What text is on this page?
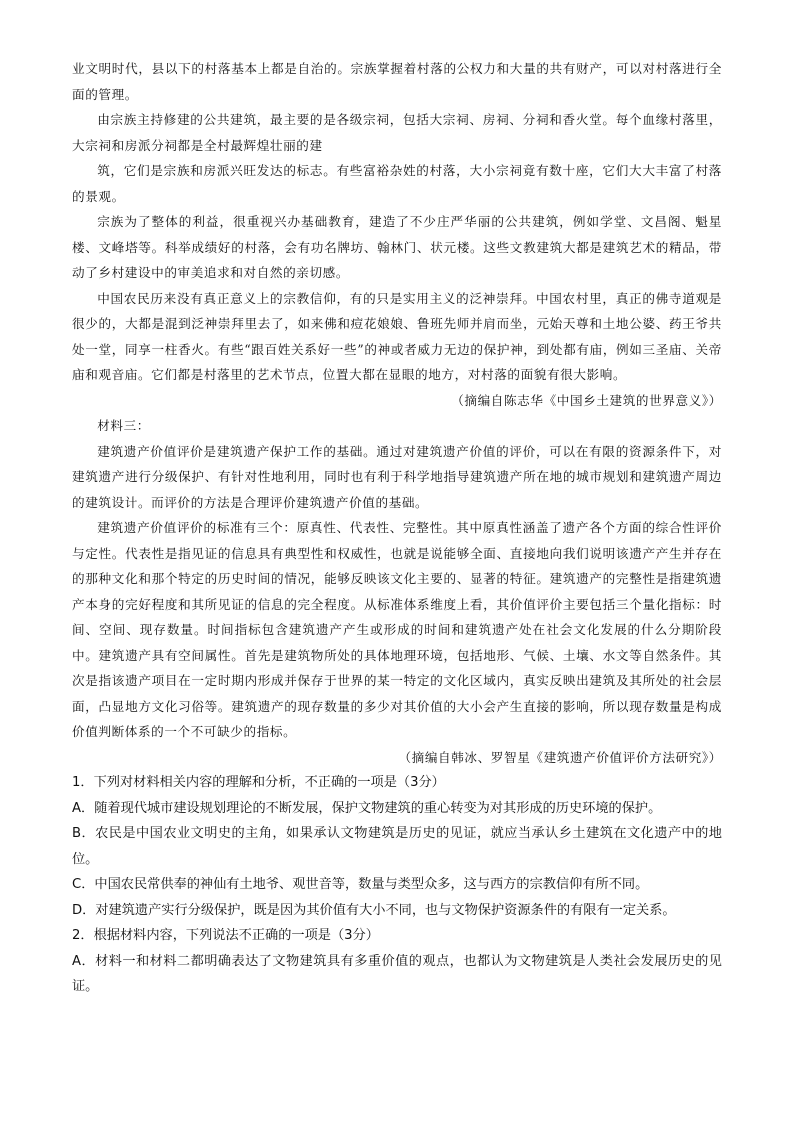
业文明时代，县以下的村落基本上都是自治的。宗族掌握着村落的公权力和大量的共有财产，可以对村落进行全面的管理。

由宗族主持修建的公共建筑，最主要的是各级宗祠，包括大宗祠、房祠、分祠和香火堂。每个血缘村落里，大宗祠和房派分祠都是全村最辉煌壮丽的建

筑，它们是宗族和房派兴旺发达的标志。有些富裕杂姓的村落，大小宗祠竟有数十座，它们大大丰富了村落的景观。

宗族为了整体的利益，很重视兴办基础教育，建造了不少庄严华丽的公共建筑，例如学堂、文昌阁、魁星楼、文峰塔等。科举成绩好的村落，会有功名牌坊、翰林门、状元楼。这些文教建筑大都是建筑艺术的精品，带动了乡村建设中的审美追求和对自然的亲切感。

中国农民历来没有真正意义上的宗教信仰，有的只是实用主义的泛神崇拜。中国农村里，真正的佛寺道观是很少的，大都是混到泛神崇拜里去了，如来佛和痘花娘娘、鲁班先师并肩而坐，元始天尊和土地公婆、药王爷共处一堂，同享一柱香火。有些“跟百姓关系好一些”的神或者威力无边的保护神，到处都有庙，例如三圣庙、关帝庙和观音庙。它们都是村落里的艺术节点，位置大都在显眼的地方，对村落的面貌有很大影响。

（摘编自陈志华《中国乡土建筑的世界意义》）

材料三：

建筑遗产价值评价是建筑遗产保护工作的基础。通过对建筑遗产价值的评价，可以在有限的资源条件下，对建筑遗产进行分级保护、有针对性地利用，同时也有利于科学地指导建筑遗产所在地的城市规划和建筑遗产周边的建筑设计。而评价的方法是合理评价建筑遗产价值的基础。

建筑遗产价值评价的标准有三个：原真性、代表性、完整性。其中原真性涵盖了遗产各个方面的综合性评价与定性。代表性是指见证的信息具有典型性和权威性，也就是说能够全面、直接地向我们说明该遗产产生并存在的那种文化和那个特定的历史时间的情况，能够反映该文化主要的、显著的特征。建筑遗产的完整性是指建筑遗产本身的完好程度和其所见证的信息的完全程度。从标准体系维度上看，其价值评价主要包括三个量化指标：时间、空间、现存数量。时间指标包含建筑遗产产生或形成的时间和建筑遗产处在社会文化发展的什么分期阶段中。建筑遗产具有空间属性。首先是建筑物所处的具体地理环境，包括地形、气候、土壤、水文等自然条件。其次是指该遗产项目在一定时期内形成并保存于世界的某一特定的文化区域内，真实反映出建筑及其所处的社会层面，凸显地方文化习俗等。建筑遗产的现存数量的多少对其价值的大小会产生直接的影响，所以现存数量是构成价值判断体系的一个不可缺少的指标。

（摘编自韩冰、罗智星《建筑遗产价值评价方法研究》）

1．下列对材料相关内容的理解和分析，不正确的一项是（3分）

A．随着现代城市建设规划理论的不断发展，保护文物建筑的重心转变为对其形成的历史环境的保护。

B．农民是中国农业文明史的主角，如果承认文物建筑是历史的见证，就应当承认乡土建筑在文化遗产中的地位。

C．中国农民常供奉的神仙有土地爷、观世音等，数量与类型众多，这与西方的宗教信仰有所不同。

D．对建筑遗产实行分级保护，既是因为其价值有大小不同，也与文物保护资源条件的有限有一定关系。

2．根据材料内容，下列说法不正确的一项是（3分）

A．材料一和材料二都明确表达了文物建筑具有多重价值的观点，也都认为文物建筑是人类社会发展历史的见证。
